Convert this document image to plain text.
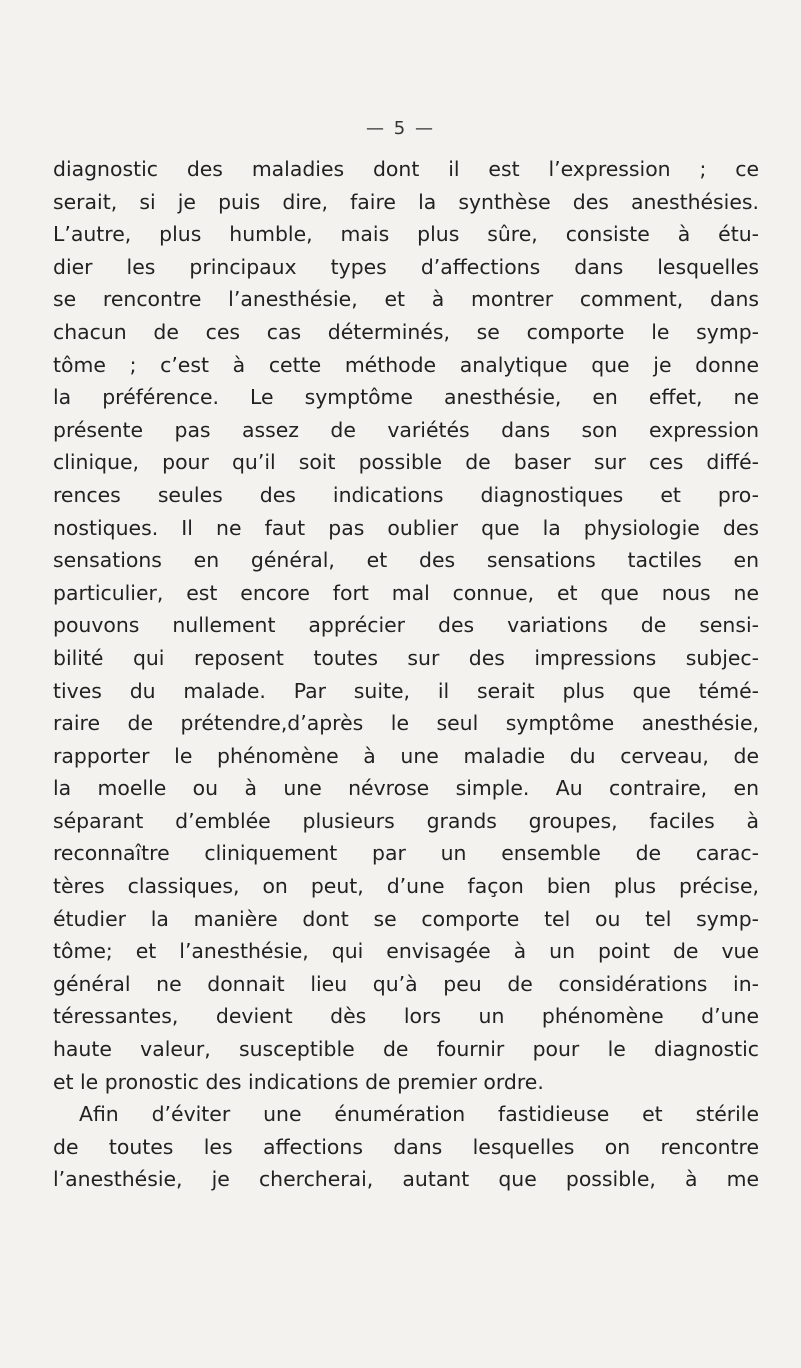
— 5 —
diagnostic des maladies dont il est l’expression ; ce
serait, si je puis dire, faire la synthèse des anesthésies.
L’autre, plus humble, mais plus sûre, consiste à étu-
dier les principaux types d’affections dans lesquelles
se rencontre l’anesthésie, et à montrer comment, dans
chacun de ces cas déterminés, se comporte le symp-
tôme ; c’est à cette méthode analytique que je donne
la préférence. Le symptôme anesthésie, en effet, ne
présente pas assez de variétés dans son expression
clinique, pour qu’il soit possible de baser sur ces diffé-
rences seules des indications diagnostiques et pro-
nostiques. Il ne faut pas oublier que la physiologie des
sensations en général, et des sensations tactiles en
particulier, est encore fort mal connue, et que nous ne
pouvons nullement apprécier des variations de sensi-
bilité qui reposent toutes sur des impressions subjec-
tives du malade. Par suite, il serait plus que témé-
raire de prétendre,d’après le seul symptôme anesthésie,
rapporter le phénomène à une maladie du cerveau, de
la moelle ou à une névrose simple. Au contraire, en
séparant d’emblée plusieurs grands groupes, faciles à
reconnaître cliniquement par un ensemble de carac-
tères classiques, on peut, d’une façon bien plus précise,
étudier la manière dont se comporte tel ou tel symp-
tôme; et l’anesthésie, qui envisagée à un point de vue
général ne donnait lieu qu’à peu de considérations in-
téressantes, devient dès lors un phénomène d’une
haute valeur, susceptible de fournir pour le diagnostic
et le pronostic des indications de premier ordre.
Afin d’éviter une énumération fastidieuse et stérile
de toutes les affections dans lesquelles on rencontre
l’anesthésie, je chercherai, autant que possible, à me
